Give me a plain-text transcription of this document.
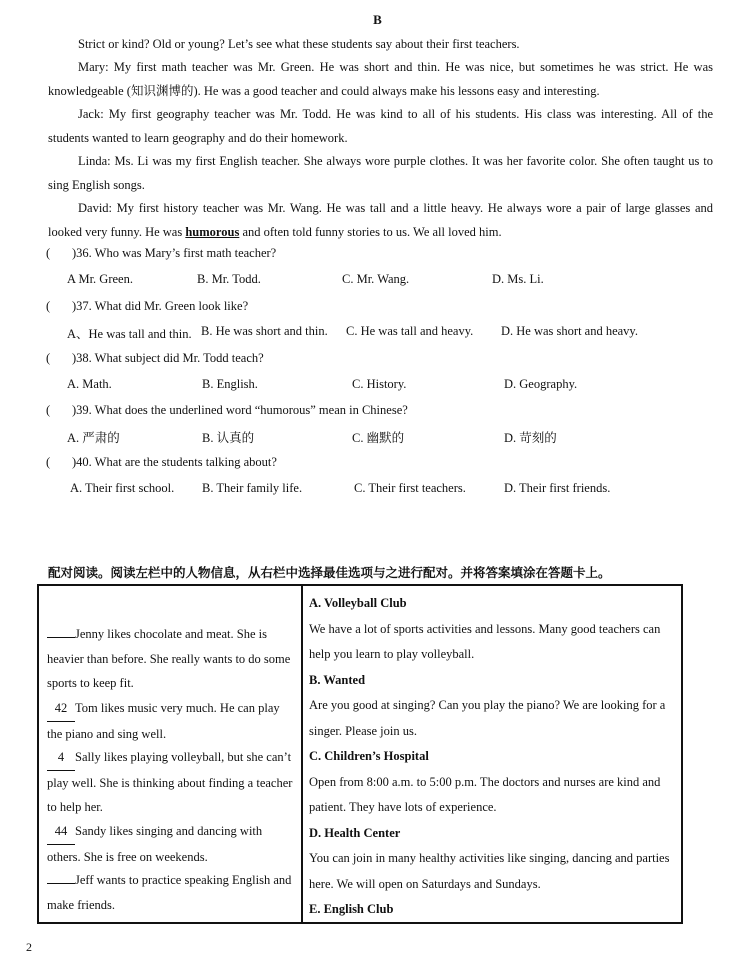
B
Strict or kind? Old or young? Let’s see what these students say about their first teachers.
Mary: My first math teacher was Mr. Green. He was short and thin. He was nice, but sometimes he was strict. He was knowledgeable (知识渊博的). He was a good teacher and could always make his lessons easy and interesting.
Jack: My first geography teacher was Mr. Todd. He was kind to all of his students. His class was interesting. All of the students wanted to learn geography and do their homework.
Linda: Ms. Li was my first English teacher. She always wore purple clothes. It was her favorite color. She often taught us to sing English songs.
David: My first history teacher was Mr. Wang. He was tall and a little heavy. He always wore a pair of large glasses and looked very funny. He was humorous and often told funny stories to us. We all loved him.
( )36. Who was Mary’s first math teacher?
A Mr. Green.	B. Mr. Todd.	C. Mr. Wang.	D. Ms. Li.
( )37. What did Mr. Green look like?
A、He was tall and thin. B. He was short and thin. C. He was tall and heavy. D. He was short and heavy.
( )38. What subject did Mr. Todd teach?
A. Math.	B. English.	C. History.	D. Geography.
( )39. What does the underlined word “humorous” mean in Chinese?
A. 严肃的	B. 认真的	C. 幽默的	D. 苛刻的
( )40. What are the students talking about?
A. Their first school. B. Their family life.	C. Their first teachers.	D. Their first friends.
配对阅读。阅读左栏中的人物信息，从右栏中选择最佳选项与之进行配对。并将答案填涂在答题卡上。
Jenny likes chocolate and meat. She is heavier than before. She really wants to do some sports to keep fit.
42 Tom likes music very much. He can play the piano and sing well.
4 Sally likes playing volleyball, but she can’t play well. She is thinking about finding a teacher to help her.
44 Sandy likes singing and dancing with others. She is free on weekends.
Jeff wants to practice speaking English and make friends.
A. Volleyball Club
We have a lot of sports activities and lessons. Many good teachers can help you learn to play volleyball.
B. Wanted
Are you good at singing? Can you play the piano? We are looking for a singer. Please join us.
C. Children’s Hospital
Open from 8:00 a.m. to 5:00 p.m. The doctors and nurses are kind and patient. They have lots of experience.
D. Health Center
You can join in many healthy activities like singing, dancing and parties here. We will open on Saturdays and Sundays.
E. English Club
2
